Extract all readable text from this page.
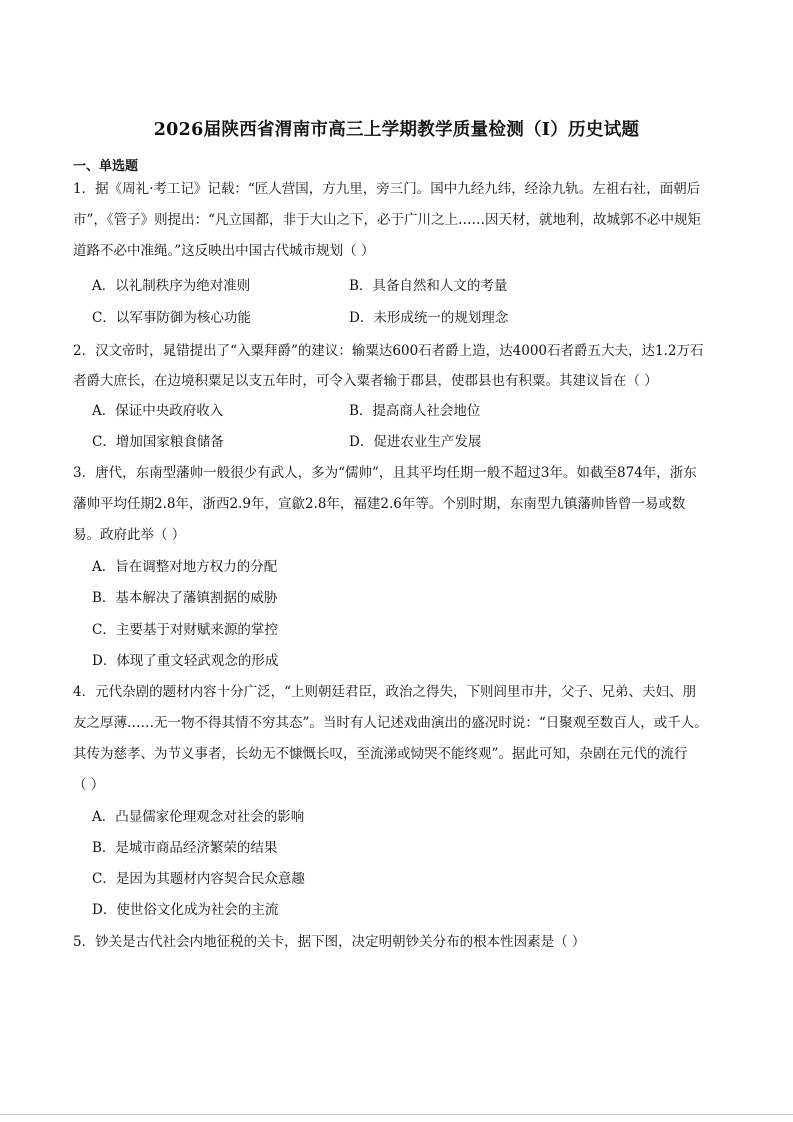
2026届陕西省渭南市高三上学期教学质量检测（Ⅰ）历史试题
一、单选题
1．据《周礼·考工记》记载：“匠人营国，方九里，旁三门。国中九经九纬，经涂九轨。左祖右社，面朝后
市”，《管子》则提出：“凡立国都，非于大山之下，必于广川之上……因天材，就地利，故城郭不必中规矩
道路不必中准绳。”这反映出中国古代城市规划（ ）
A．以礼制秩序为绝对准则	B．具备自然和人文的考量
C．以军事防御为核心功能	D．未形成统一的规划理念
2．汉文帝时，晁错提出了“入粟拜爵”的建议：输粟达600石者爵上造，达4000石者爵五大夫，达1.2万石
者爵大庶长，在边境积粟足以支五年时，可令入粟者输于郡县，使郡县也有积粟。其建议旨在（ ）
A．保证中央政府收入	B．提高商人社会地位
C．增加国家粮食储备	D．促进农业生产发展
3．唐代，东南型藩帅一般很少有武人，多为“儒帅”，且其平均任期一般不超过3年。如截至874年，浙东
藩帅平均任期2.8年，浙西2.9年，宣歙2.8年，福建2.6年等。个别时期，东南型九镇藩帅皆曾一易或数
易。政府此举（ ）
A．旨在调整对地方权力的分配
B．基本解决了藩镇割据的威胁
C．主要基于对财赋来源的掌控
D．体现了重文轻武观念的形成
4．元代杂剧的题材内容十分广泛，“上则朝廷君臣，政治之得失，下则闾里市井，父子、兄弟、夫妇、朋
友之厚薄……无一物不得其情不穷其态”。当时有人记述戏曲演出的盛况时说：“日聚观至数百人，或千人。
其传为慈孝、为节义事者，长幼无不慷慨长叹，至流涕或恸哭不能终观”。据此可知，杂剧在元代的流行
（ ）
A．凸显儒家伦理观念对社会的影响
B．是城市商品经济繁荣的结果
C．是因为其题材内容契合民众意趣
D．使世俗文化成为社会的主流
5．钞关是古代社会内地征税的关卡，据下图，决定明朝钞关分布的根本性因素是（ ）
